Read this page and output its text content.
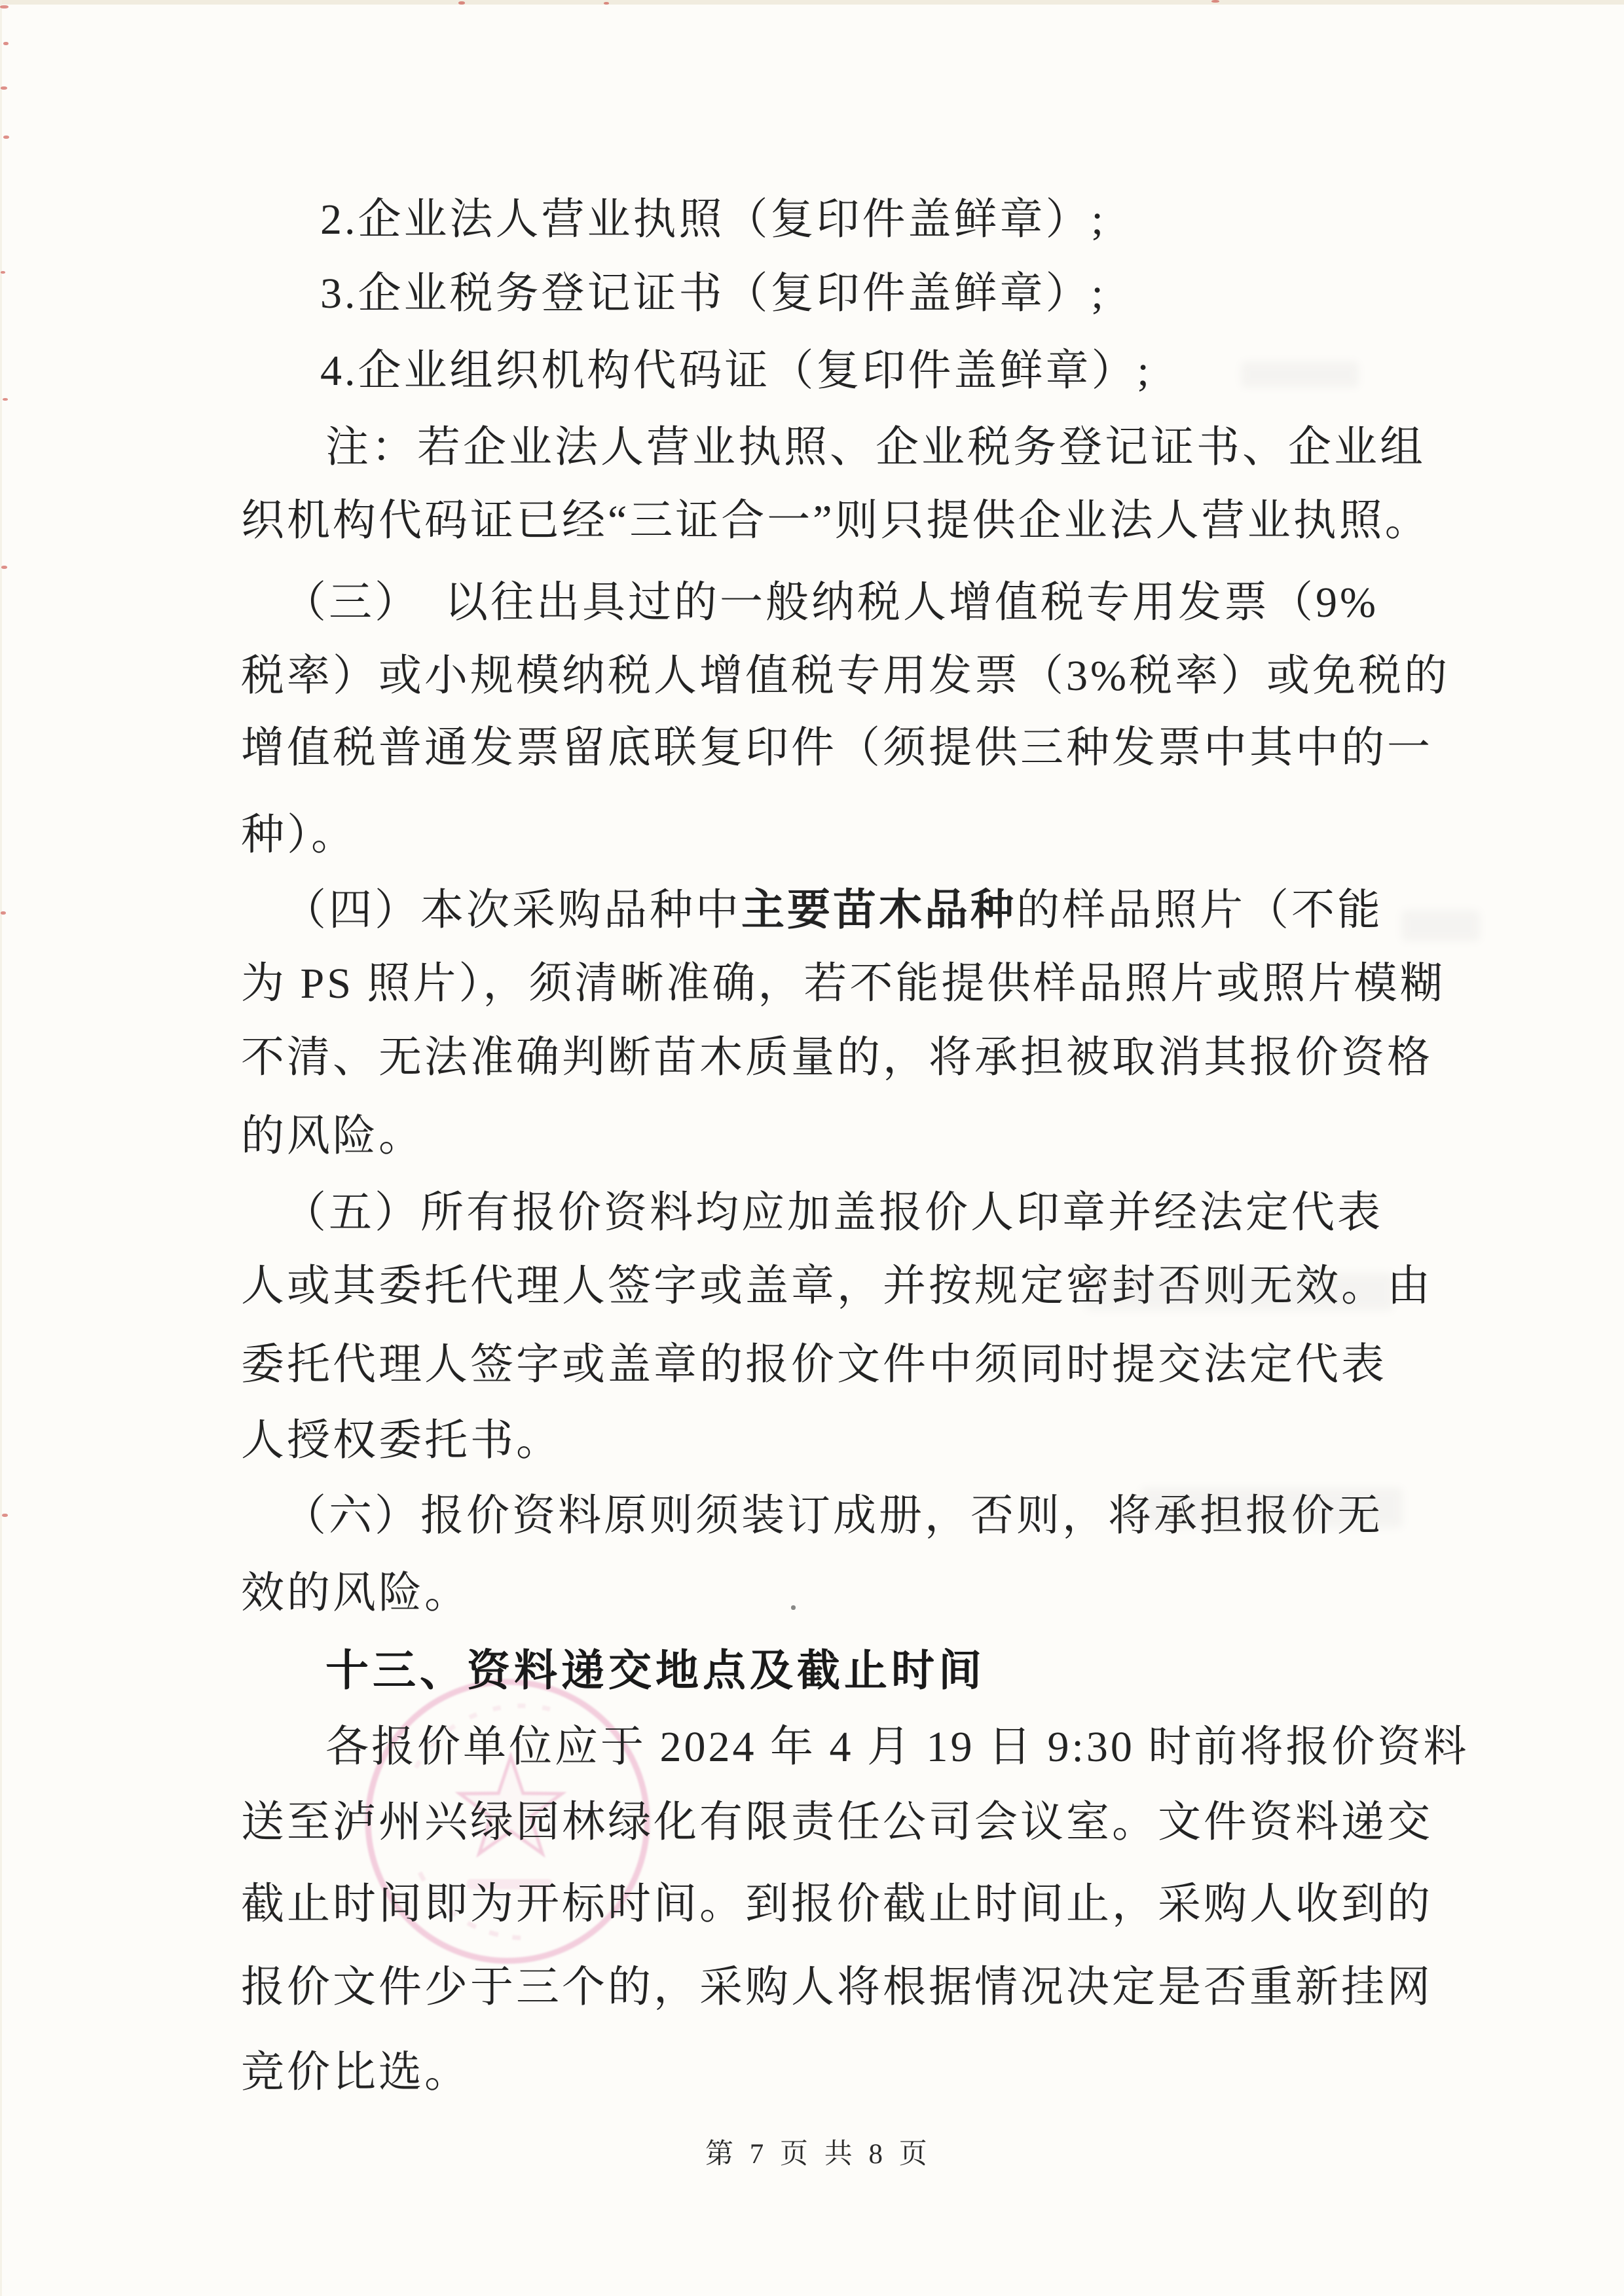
2.企业法人营业执照（复印件盖鲜章）;
3.企业税务登记证书（复印件盖鲜章）;
4.企业组织机构代码证（复印件盖鲜章）;
注：若企业法人营业执照、企业税务登记证书、企业组
织机构代码证已经“三证合一”则只提供企业法人营业执照。
（三）　以往出具过的一般纳税人增值税专用发票（9%
税率）或小规模纳税人增值税专用发票（3%税率）或免税的
增值税普通发票留底联复印件（须提供三种发票中其中的一
种）。
（四）本次采购品种中主要苗木品种的样品照片（不能
为 PS 照片），须清晰准确，若不能提供样品照片或照片模糊
不清、无法准确判断苗木质量的，将承担被取消其报价资格
的风险。
（五）所有报价资料均应加盖报价人印章并经法定代表
人或其委托代理人签字或盖章，并按规定密封否则无效。由
委托代理人签字或盖章的报价文件中须同时提交法定代表
人授权委托书。
（六）报价资料原则须装订成册，否则，将承担报价无
效的风险。
十三、资料递交地点及截止时间
各报价单位应于 2024 年 4 月 19 日 9:30 时前将报价资料
送至泸州兴绿园林绿化有限责任公司会议室。文件资料递交
截止时间即为开标时间。到报价截止时间止，采购人收到的
报价文件少于三个的，采购人将根据情况决定是否重新挂网
竞价比选。
第 7 页 共 8 页
